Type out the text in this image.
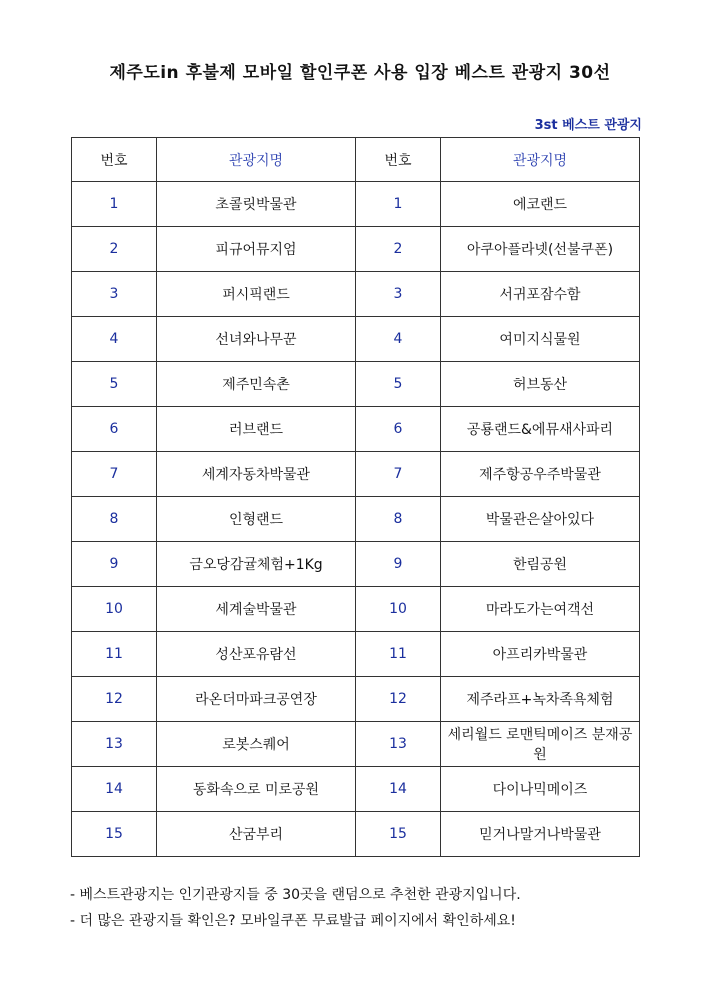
제주도in 후불제 모바일 할인쿠폰 사용 입장 베스트 관광지 30선
3st 베스트 관광지
번호	관광지명	번호	관광지명
1	초콜릿박물관	1	에코랜드
2	피규어뮤지엄	2	아쿠아플라넷(선불쿠폰)
3	퍼시픽랜드	3	서귀포잠수함
4	선녀와나무꾼	4	여미지식물원
5	제주민속촌	5	허브동산
6	러브랜드	6	공룡랜드&에뮤새사파리
7	세계자동차박물관	7	제주항공우주박물관
8	인형랜드	8	박물관은살아있다
9	금오당감귤체험+1Kg	9	한림공원
10	세계술박물관	10	마라도가는여객선
11	성산포유람선	11	아프리카박물관
12	라온더마파크공연장	12	제주라프+녹차족욕체험
13	로봇스퀘어	13	세리월드 로맨틱메이즈 분재공원
14	동화속으로 미로공원	14	다이나믹메이즈
15	산굼부리	15	믿거나말거나박물관
- 베스트관광지는 인기관광지들 중 30곳을 랜덤으로 추천한 관광지입니다.
- 더 많은 관광지들 확인은? 모바일쿠폰 무료발급 페이지에서 확인하세요!
